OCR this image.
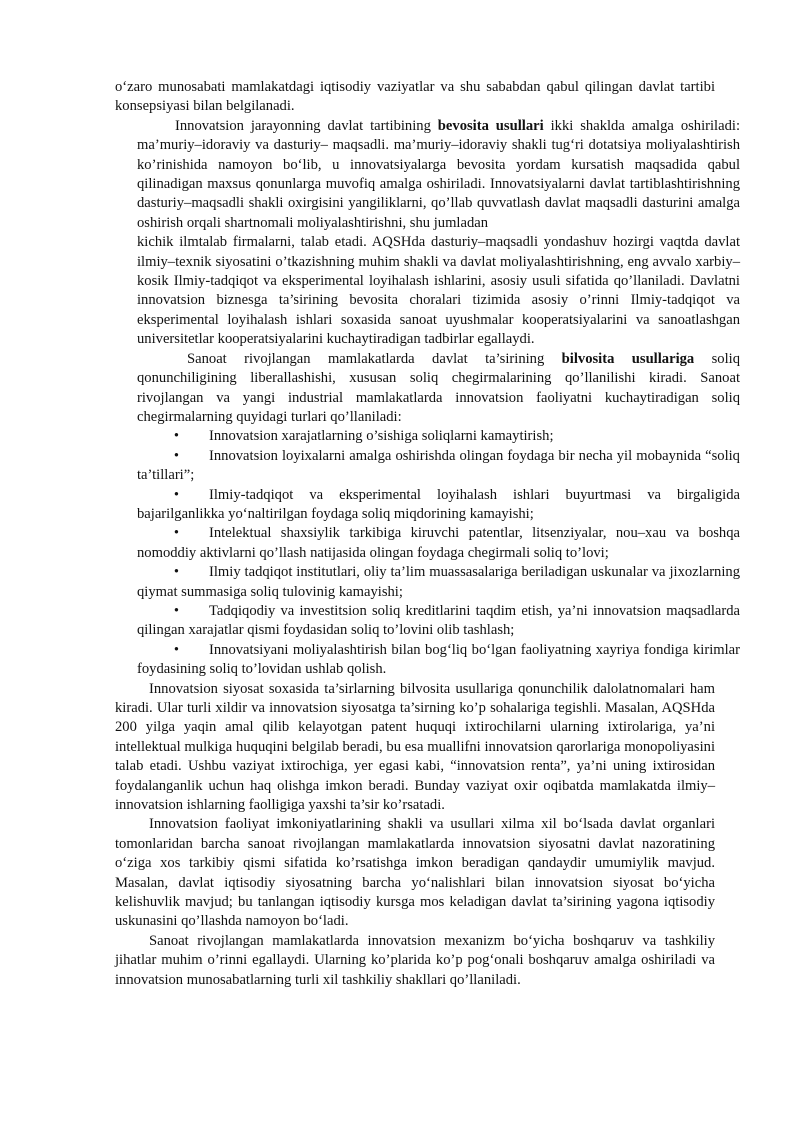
o‘zaro munosabati mamlakatdagi iqtisodiy vaziyatlar va shu sababdan qabul qilingan davlat tartibi konsepsiyasi bilan belgilanadi.

Innovatsion jarayonning davlat tartibining bevosita usullari ikki shaklda amalga oshiriladi: ma’muriy–idoraviy va dasturiy– maqsadli. ma’muriy–idoraviy shakli tug‘ri dotatsiya moliyalashtirish ko’rinishida namoyon bo‘lib, u innovatsiyalarga bevosita yordam kursatish maqsadida qabul qilinadigan maxsus qonunlarga muvofiq amalga oshiriladi. Innovatsiyalarni davlat tartiblashtirishning dasturiy–maqsadli shakli oxirgisini yangiliklarni, qo’llab quvvatlash davlat maqsadli dasturini amalga oshirish orqali shartnomali moliyalashtirishni, shu jumladan

kichik ilmtalab firmalarni, talab etadi. AQSHda dasturiy–maqsadli yondashuv hozirgi vaqtda davlat ilmiy–texnik siyosatini o’tkazishning muhim shakli va davlat moliyalashtirishning, eng avvalo xarbiy–kosik Ilmiy-tadqiqot va eksperimental loyihalash ishlarini, asosiy usuli sifatida qo’llaniladi. Davlatni innovatsion biznesga ta’sirining bevosita choralari tizimida asosiy o’rinni Ilmiy-tadqiqot va eksperimental loyihalash ishlari soxasida sanoat uyushmalar kooperatsiyalarini va sanoatlashgan universitetlar kooperatsiyalarini kuchaytiradigan tadbirlar egallaydi.

Sanoat rivojlangan mamlakatlarda davlat ta’sirining bilvosita usullariga soliq qonunchiligining liberallashishi, xususan soliq chegirmalarining qo’llanilishi kiradi. Sanoat rivojlangan va yangi industrial mamlakatlarda innovatsion faoliyatni kuchaytiradigan soliq chegirmalarning quyidagi turlari qo’llaniladi:

• Innovatsion xarajatlarning o’sishiga soliqlarni kamaytirish;

• Innovatsion loyixalarni amalga oshirishda olingan foydaga bir necha yil mobaynida “soliq ta’tillari”;

• Ilmiy-tadqiqot va eksperimental loyihalash ishlari buyurtmasi va birgaligida bajarilganlikka yo‘naltirilgan foydaga soliq miqdorining kamayishi;

• Intelektual shaxsiylik tarkibiga kiruvchi patentlar, litsenziyalar, nou–xau va boshqa nomoddiy aktivlarni qo’llash natijasida olingan foydaga chegirmali soliq to’lovi;

• Ilmiy tadqiqot institutlari, oliy ta’lim muassasalariga beriladigan uskunalar va jixozlarning qiymat summasiga soliq tulovinig kamayishi;

• Tadqiqodiy va investitsion soliq kreditlarini taqdim etish, ya’ni innovatsion maqsadlarda qilingan xarajatlar qismi foydasidan soliq to’lovini olib tashlash;

• Innovatsiyani moliyalashtirish bilan bog‘liq bo‘lgan faoliyatning xayriya fondiga kirimlar foydasining soliq to’lovidan ushlab qolish.

Innovatsion siyosat soxasida ta’sirlarning bilvosita usullariga qonunchilik dalolatnomalari ham kiradi. Ular turli xildir va innovatsion siyosatga ta’sirning ko’p sohalariga tegishli. Masalan, AQSHda 200 yilga yaqin amal qilib kelayotgan patent huquqi ixtirochilarni ularning ixtirolariga, ya’ni intellektual mulkiga huquqini belgilab beradi, bu esa muallifni innovatsion qarorlariga monopoliyasini talab etadi. Ushbu vaziyat ixtirochiga, yer egasi kabi, “innovatsion renta”, ya’ni uning ixtirosidan foydalanganlik uchun haq olishga imkon beradi. Bunday vaziyat oxir oqibatda mamlakatda ilmiy–innovatsion ishlarning faolligiga yaxshi ta’sir ko’rsatadi.

Innovatsion faoliyat imkoniyatlarining shakli va usullari xilma xil bo‘lsada davlat organlari tomonlaridan barcha sanoat rivojlangan mamlakatlarda innovatsion siyosatni davlat nazoratining o‘ziga xos tarkibiy qismi sifatida ko’rsatishga imkon beradigan qandaydir umumiylik mavjud. Masalan, davlat iqtisodiy siyosatning barcha yo‘nalishlari bilan innovatsion siyosat bo‘yicha kelishuvlik mavjud; bu tanlangan iqtisodiy kursga mos keladigan davlat ta’sirining yagona iqtisodiy uskunasini qo’llashda namoyon bo‘ladi.

Sanoat rivojlangan mamlakatlarda innovatsion mexanizm bo‘yicha boshqaruv va tashkiliy jihatlar muhim o’rinni egallaydi. Ularning ko’plarida ko’p pog‘onali boshqaruv amalga oshiriladi va innovatsion munosabatlarning turli xil tashkiliy shakllari qo’llaniladi.
